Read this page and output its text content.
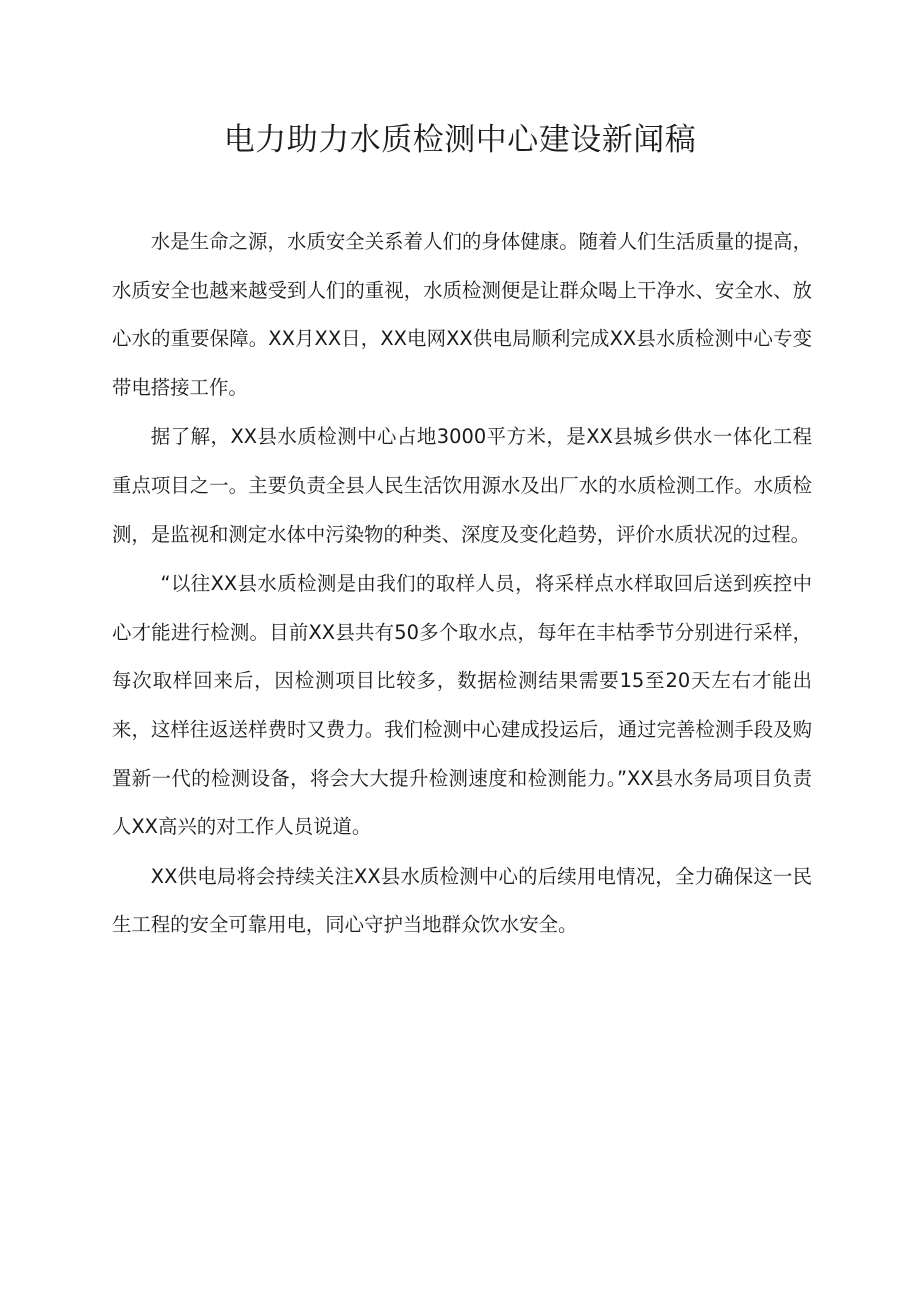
电力助力水质检测中心建设新闻稿

水是生命之源，水质安全关系着人们的身体健康。随着人们生活质量的提高，水质安全也越来越受到人们的重视，水质检测便是让群众喝上干净水、安全水、放心水的重要保障。XX月XX日，XX电网XX供电局顺利完成XX县水质检测中心专变带电搭接工作。

据了解，XX县水质检测中心占地3000平方米，是XX县城乡供水一体化工程重点项目之一。主要负责全县人民生活饮用源水及出厂水的水质检测工作。水质检测，是监视和测定水体中污染物的种类、深度及变化趋势，评价水质状况的过程。

“以往XX县水质检测是由我们的取样人员，将采样点水样取回后送到疾控中心才能进行检测。目前XX县共有50多个取水点，每年在丰枯季节分别进行采样，每次取样回来后，因检测项目比较多，数据检测结果需要15至20天左右才能出来，这样往返送样费时又费力。我们检测中心建成投运后，通过完善检测手段及购置新一代的检测设备，将会大大提升检测速度和检测能力。”XX县水务局项目负责人XX高兴的对工作人员说道。

XX供电局将会持续关注XX县水质检测中心的后续用电情况，全力确保这一民生工程的安全可靠用电，同心守护当地群众饮水安全。
